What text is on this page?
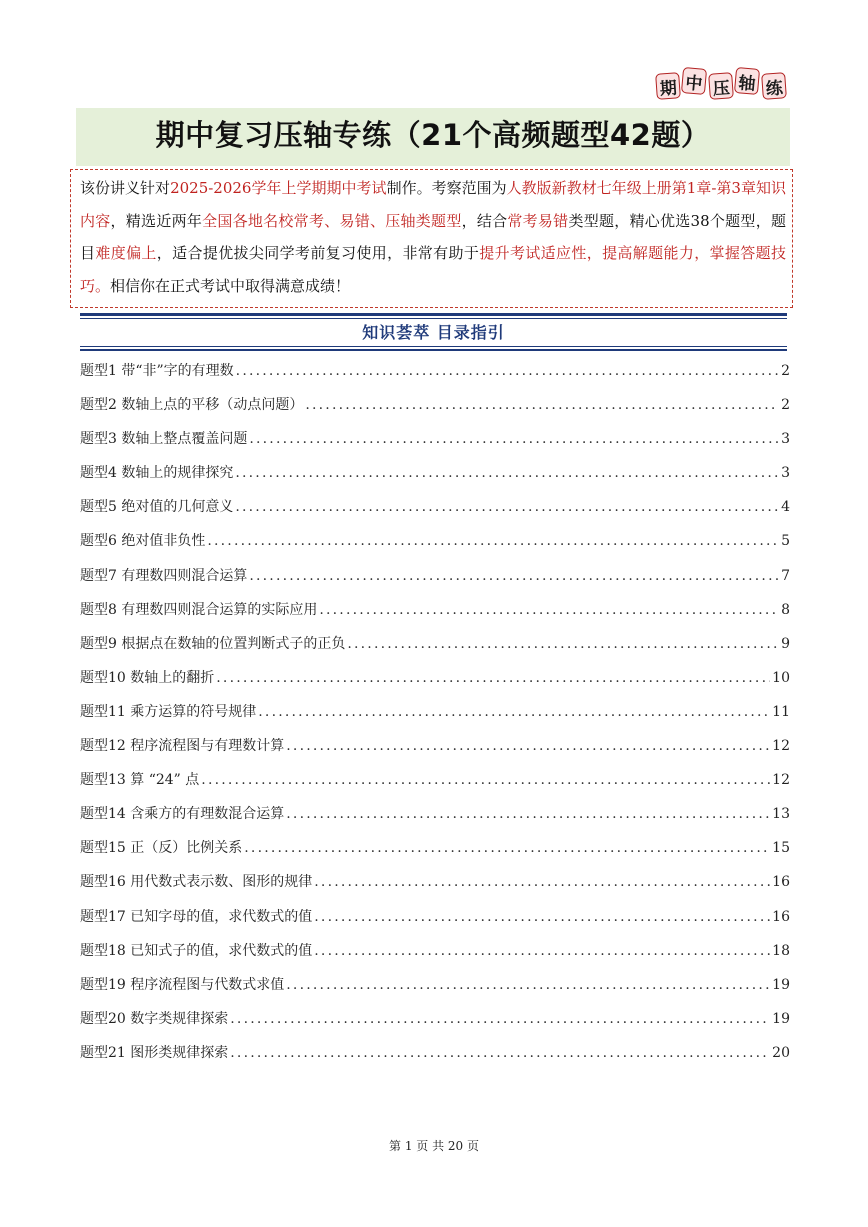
期 中 压 轴 练
期中复习压轴专练（21个高频题型42题）
该份讲义针对2025-2026学年上学期期中考试制作。考察范围为人教版新教材七年级上册第1章-第3章知识内容，精选近两年全国各地名校常考、易错、压轴类题型，结合常考易错类型题，精心优选38个题型，题目难度偏上，适合提优拔尖同学考前复习使用，非常有助于提升考试适应性，提高解题能力，掌握答题技巧。相信你在正式考试中取得满意成绩！
知识荟萃 目录指引
题型1 带“非”字的有理数 .....	2
题型2 数轴上点的平移（动点问题） .....	2
题型3 数轴上整点覆盖问题 .....	3
题型4 数轴上的规律探究 .....	3
题型5 绝对值的几何意义 .....	4
题型6 绝对值非负性 .....	5
题型7 有理数四则混合运算 .....	7
题型8 有理数四则混合运算的实际应用 .....	8
题型9 根据点在数轴的位置判断式子的正负 .....	9
题型10 数轴上的翻折 .....	10
题型11 乘方运算的符号规律 .....	11
题型12 程序流程图与有理数计算 .....	12
题型13 算 “24” 点 .....	12
题型14 含乘方的有理数混合运算 .....	13
题型15 正（反）比例关系 .....	15
题型16 用代数式表示数、图形的规律 .....	16
题型17 已知字母的值，求代数式的值 .....	16
题型18 已知式子的值，求代数式的值 .....	18
题型19 程序流程图与代数式求值 .....	19
题型20 数字类规律探索 .....	19
题型21 图形类规律探索 .....	20
第 1 页 共 20 页
